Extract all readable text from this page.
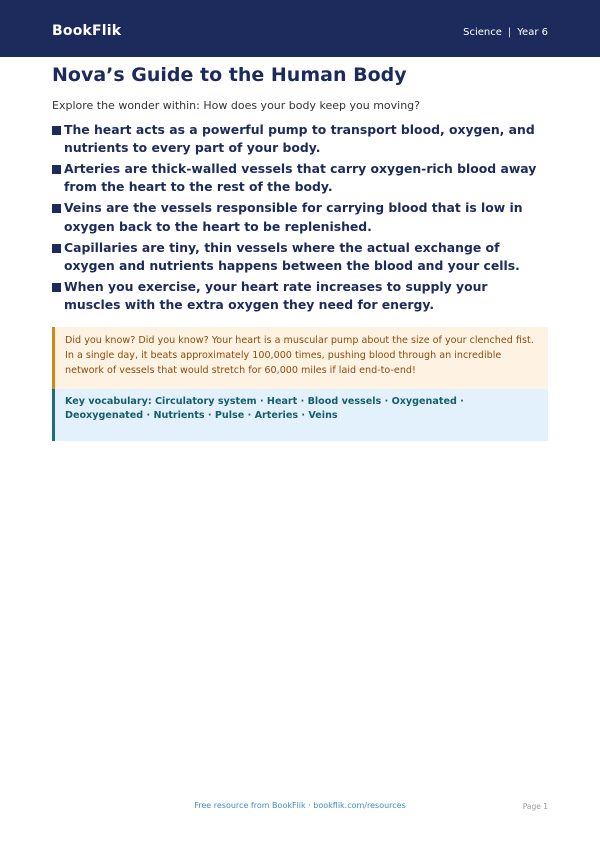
BookFlik	Science | Year 6
Nova’s Guide to the Human Body

Explore the wonder within: How does your body keep you moving?

The heart acts as a powerful pump to transport blood, oxygen, and nutrients to every part of your body.
Arteries are thick-walled vessels that carry oxygen-rich blood away from the heart to the rest of the body.
Veins are the vessels responsible for carrying blood that is low in oxygen back to the heart to be replenished.
Capillaries are tiny, thin vessels where the actual exchange of oxygen and nutrients happens between the blood and your cells.
When you exercise, your heart rate increases to supply your muscles with the extra oxygen they need for energy.
Did you know? Did you know? Your heart is a muscular pump about the size of your clenched fist. In a single day, it beats approximately 100,000 times, pushing blood through an incredible network of vessels that would stretch for 60,000 miles if laid end-to-end!
Key vocabulary: Circulatory system · Heart · Blood vessels · Oxygenated · Deoxygenated · Nutrients · Pulse · Arteries · Veins
Free resource from BookFlik · bookflik.com/resources	Page 1
